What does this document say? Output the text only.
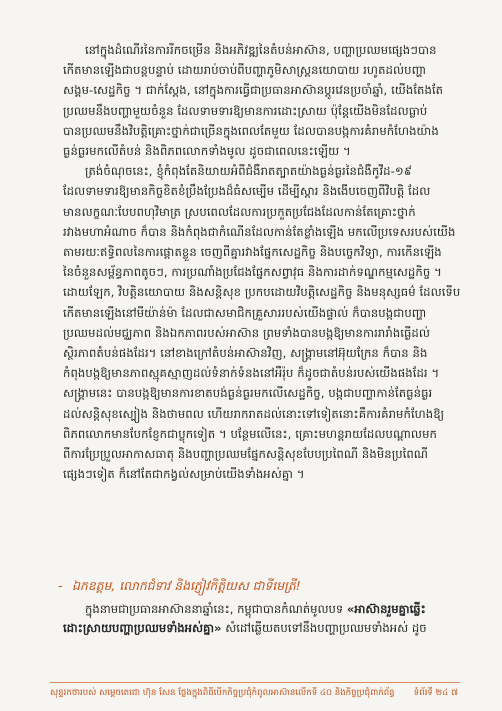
នៅក្នុងដំណើរនៃការរីកចម្រើន និងអភិវឌ្ឍនៃតំបន់អាស៊ាន, បញ្ហាប្រឈមផ្សេងៗបាន
កើតមានឡើងជាបន្តបន្ទាប់ ដោយរាប់ចាប់ពីបញ្ហាភូមិសាស្ត្រនយោបាយ រហូតដល់បញ្ហា
សង្គម-សេដ្ឋកិច្ច ។ ជាក់ស្តែង, នៅក្នុងការធ្វើជាប្រធានអាស៊ានប្តូរវេនប្រចាំឆ្នាំ, យើងតែងតែ
ប្រឈមនឹងបញ្ហាមួយចំនួន ដែលទាមទារឱ្យមានការដោះស្រាយ ប៉ុន្តែយើងមិនដែលធ្លាប់
បានប្រឈមនឹងវិបត្តិគ្រោះថ្នាក់ជាច្រើនក្នុងពេលតែមួយ ដែលបានបង្កការគំរាមកំហែងយ៉ាង
ធ្ងន់ធ្ងរមកលើតំបន់ និងពិភពលោកទាំងមូល ដូចជាពេលនេះឡើយ ។

ត្រង់ចំណុចនេះ, ខ្ញុំកំពុងតែនិយាយអំពីជំងឺរាតត្បាតយ៉ាងធ្ងន់ធ្ងរនៃជំងឺកូវីដ-១៩
ដែលទាមទារឱ្យមានកិច្ចខិតខំប្រឹងប្រែងដ៏ធំសម្បើម ដើម្បីស្តារ និងងើបចេញពីវិបត្តិ ដែល
មានលក្ខណៈបែបពហុវិមាត្រ ស្របពេលដែលការប្រកួតប្រជែងដែលកាន់តែគ្រោះថ្នាក់
រវាងមហាអំណាច ក៏បាន និងកំពុងជាកំណើនដែលកាន់តែខ្លាំងឡើង មកលើប្រទេសរបស់យើង
តាមរយៈឥទ្ធិពលនៃការផ្តោតខ្លួន ចេញពីគ្នារវាងផ្នែកសេដ្ឋកិច្ច និងបច្ចេកវិទ្យា, ការកើនឡើង
នៃចំនួនសម្ព័ន្ធភាពតូចៗ, ការប្រណាំងប្រជែងផ្នែកសព្វាវុធ និងការដាក់ទណ្ឌកម្មសេដ្ឋកិច្ច ។
ដោយឡែក, វិបត្តិនយោបាយ និងសន្តិសុខ ប្រកបដោយវិបត្តិសេដ្ឋកិច្ច និងមនុស្សធម៌ ដែលទើប
កើតមានឡើងនៅមីយ៉ាន់ម៉ា ដែលជាសមាជិកគ្រួសាររបស់យើងផ្ទាល់ ក៏បានបង្កជាបញ្ហា
ប្រឈមដល់មជ្ឈភាព និងឯកភាពរបស់អាស៊ាន ព្រមទាំងបានបង្កឱ្យមានការរារាំងធ្ងើដល់
ស្ថិរភាពតំបន់ផងដែរ។ នៅខាងក្រៅតំបន់អាស៊ានវិញ, សង្គ្រាមនៅអ៊ុយក្រែន ក៏បាន និង
កំពុងបង្កឱ្យមានភាពស្មុគស្មាញដល់ទំនាក់ទំនងនៅអឺរ៉ុប ក៏ដូចជាតំបន់របស់យើងផងដែរ ។
សង្គ្រាមនេះ បានបង្កឱ្យមានការខាតបង់ធ្ងន់ធ្ងរមកលើសេដ្ឋកិច្ច, បង្កជាបញ្ហាកាន់តែធ្ងន់ធ្ងរ
ដល់សន្តិសុខស្បៀង និងថាមពល ហើយរាករាតដល់នោះទៅទៀតនោះគឺការគំរាមកំហែងឱ្យ
ពិភពលោកមានបែកខ្ញែកជាប្លុកទៀត ។ បន្ថែមលើនេះ, គ្រោះមហន្តរាយដែលបណ្តាលមក
ពីការប្រែប្រួលអាកាសធាតុ និងបញ្ហាប្រឈមផ្នែកសន្តិសុខបែបប្រពៃណី និងមិនប្រពៃណី
ផ្សេងៗទៀត ក៏នៅតែជាកង្វល់សម្រាប់យើងទាំងអស់គ្នា ។

- ឯកឧត្តម, លោកជំទាវ និងភ្ញៀវកិត្តិយស ជាទីមេត្រី!
ក្នុងនាមជាប្រធានអាស៊ាននាឆ្នាំនេះ, កម្ពុជាបានកំណត់មូលបទ «អាស៊ានរួមគ្នាឆ្លើះ
ដោះស្រាយបញ្ហាប្រឈមទាំងអស់គ្នា» សំដៅឆ្លើយតបទៅនឹងបញ្ហាប្រឈមទាំងអស់ ដូច
សុន្ទរកថារបស់ សម្តេចតេជោ ហ៊ុន សែន ថ្លែងក្នុងពិធីបើកកិច្ចប្រជុំកំពូលអាស៊ានលើកទី ៤០ និងកិច្ចប្រជុំពាក់ព័ន្ធ ទំព័រទី ២៤ ៧
